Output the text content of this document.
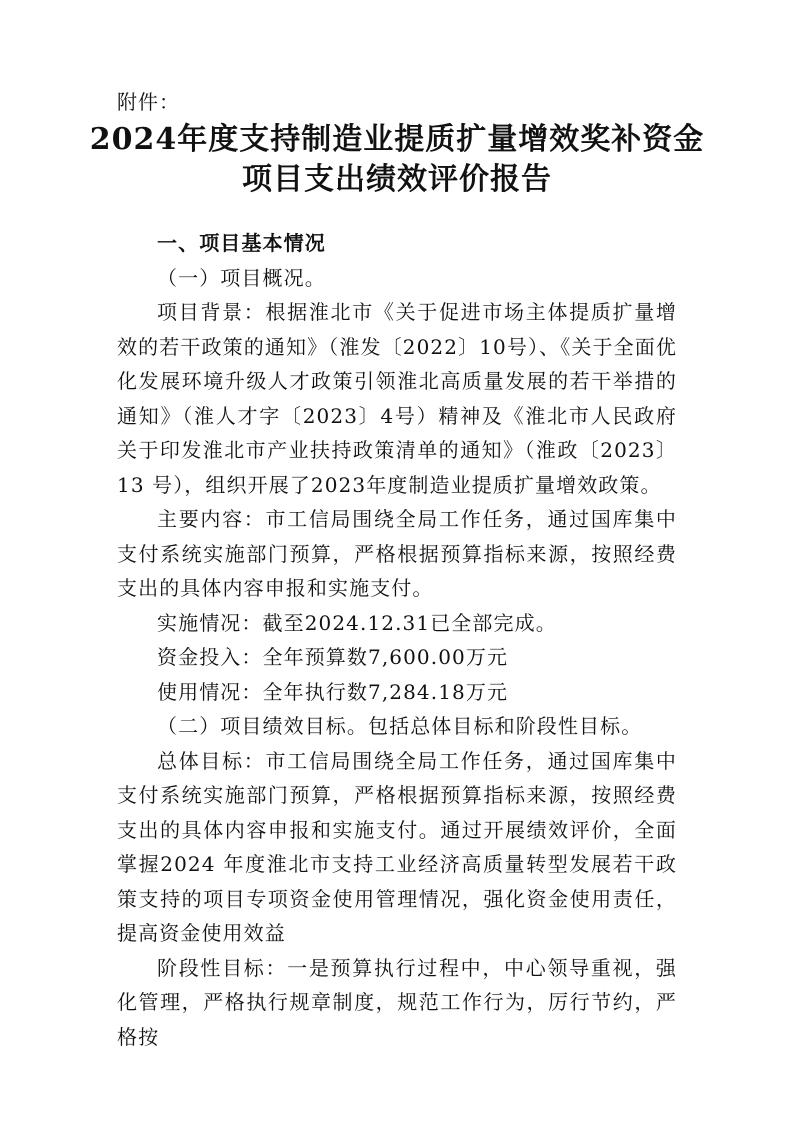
附件：
2024年度支持制造业提质扩量增效奖补资金
项目支出绩效评价报告

一、项目基本情况

（一）项目概况。

项目背景：根据淮北市《关于促进市场主体提质扩量增效的若干政策的通知》（淮发〔2022〕10号）、《关于全面优化发展环境升级人才政策引领淮北高质量发展的若干举措的通知》（淮人才字〔2023〕4号）精神及《淮北市人民政府关于印发淮北市产业扶持政策清单的通知》（淮政〔2023〕13 号），组织开展了2023年度制造业提质扩量增效政策。

主要内容：市工信局围绕全局工作任务，通过国库集中支付系统实施部门预算，严格根据预算指标来源，按照经费支出的具体内容申报和实施支付。

实施情况：截至2024.12.31已全部完成。

资金投入：全年预算数7,600.00万元

使用情况：全年执行数7,284.18万元

（二）项目绩效目标。包括总体目标和阶段性目标。

总体目标：市工信局围绕全局工作任务，通过国库集中支付系统实施部门预算，严格根据预算指标来源，按照经费支出的具体内容申报和实施支付。通过开展绩效评价，全面掌握2024 年度淮北市支持工业经济高质量转型发展若干政策支持的项目专项资金使用管理情况，强化资金使用责任，提高资金使用效益

阶段性目标：一是预算执行过程中，中心领导重视，强化管理，严格执行规章制度，规范工作行为，厉行节约，严格按
